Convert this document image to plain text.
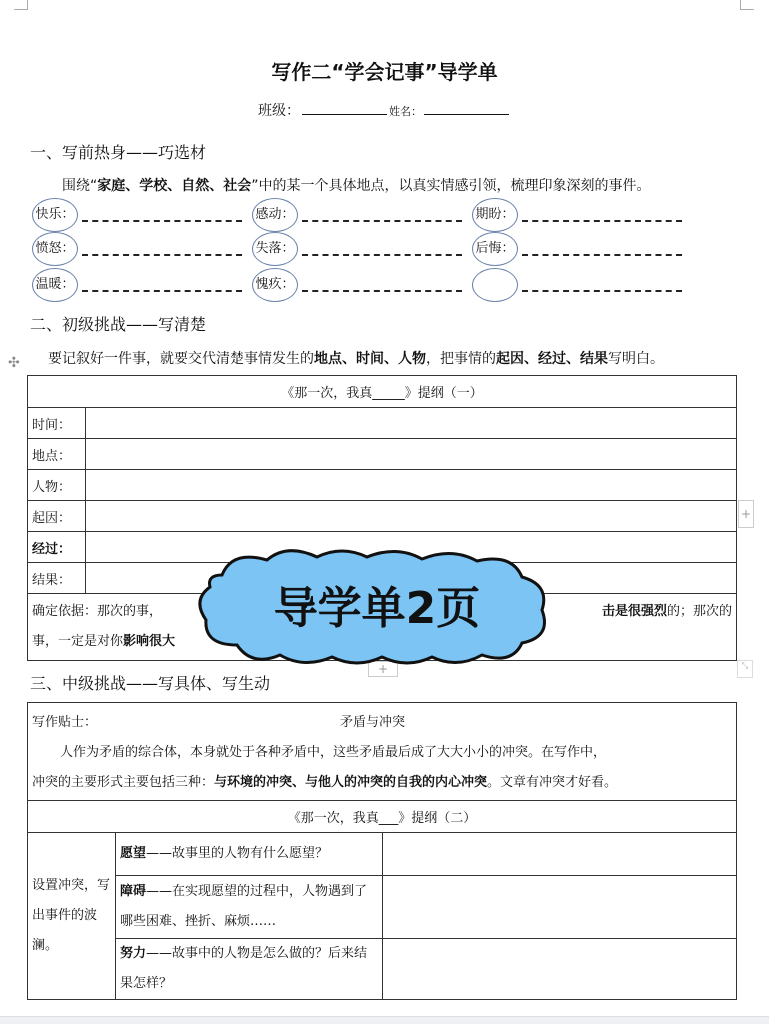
写作二“学会记事”导学单
班级：	姓名：
一、写前热身——巧选材
围绕“家庭、学校、自然、社会”中的某一个具体地点，以真实情感引领，梳理印象深刻的事件。
快乐：	感动：	期盼：
愤怒：	失落：	后悔：
温暖：	愧疚：
二、初级挑战——写清楚
✣ 要记叙好一件事，就要交代清楚事情发生的地点、时间、人物，把事情的起因、经过、结果写明白。
《那一次，我真_____》提纲（一）	
时间：	
地点：	
人物：	
起因：	
经过：	
结果：	

确定依据：那次的事， 击是很强烈的；那次的
事，一定是对你影响很大	
+
+	⤡
导学单2页
三、中级挑战——写具体、写生动
写作贴士： 矛盾与冲突
人作为矛盾的综合体，本身就处于各种矛盾中，这些矛盾最后成了大大小小的冲突。在写作中，
冲突的主要形式主要包括三种：与环境的冲突、与他人的冲突的自我的内心冲突。文章有冲突才好看。		

《那一次，我真___》提纲（二）		
设置冲突，写出事件的波澜。	愿望——故事里的人物有什么愿望？	
	障碍——在实现愿望的过程中，人物遇到了哪些困难、挫折、麻烦……	
	努力——故事中的人物是怎么做的？后来结果怎样？	
